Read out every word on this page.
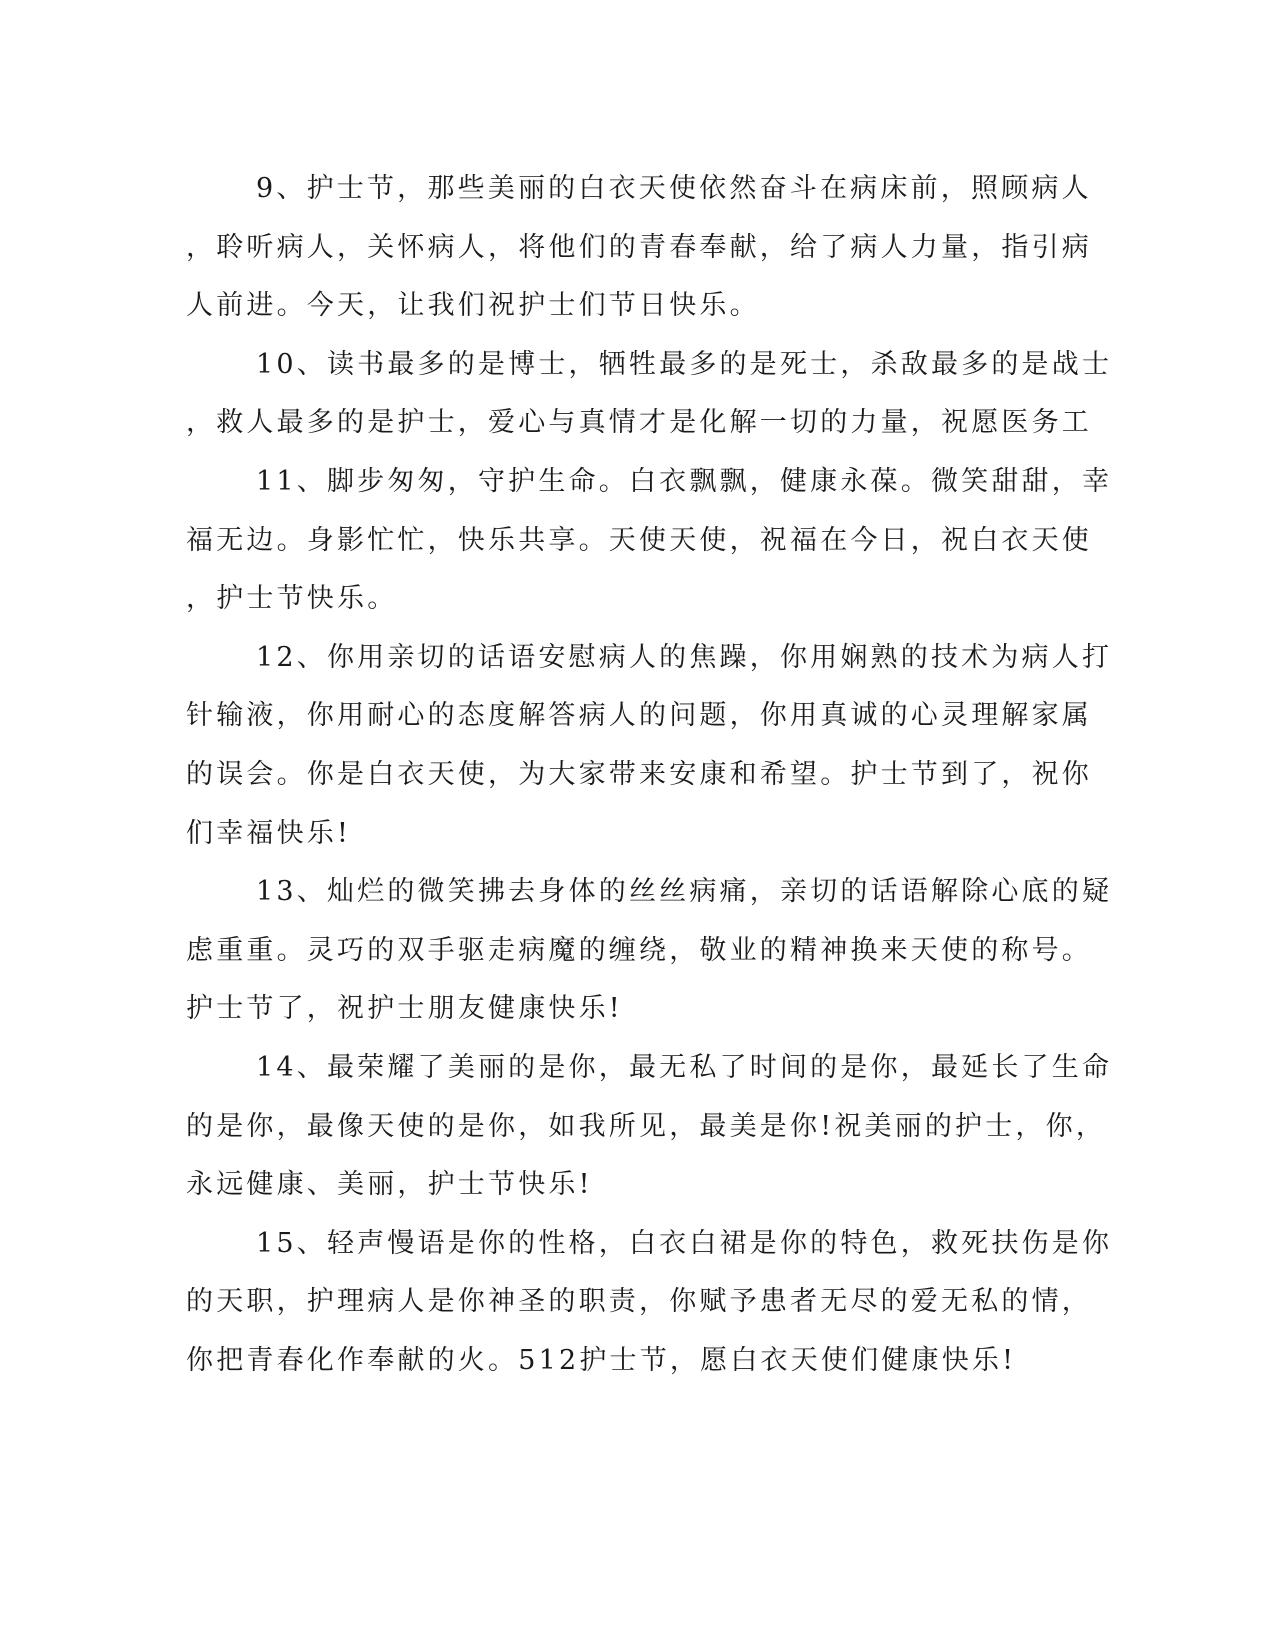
9、护士节，那些美丽的白衣天使依然奋斗在病床前，照顾病人
，聆听病人，关怀病人，将他们的青春奉献，给了病人力量，指引病
人前进。今天，让我们祝护士们节日快乐。
10、读书最多的是博士，牺牲最多的是死士，杀敌最多的是战士
，救人最多的是护士，爱心与真情才是化解一切的力量，祝愿医务工
11、脚步匆匆，守护生命。白衣飘飘，健康永葆。微笑甜甜，幸
福无边。身影忙忙，快乐共享。天使天使，祝福在今日，祝白衣天使
，护士节快乐。
12、你用亲切的话语安慰病人的焦躁，你用娴熟的技术为病人打
针输液，你用耐心的态度解答病人的问题，你用真诚的心灵理解家属
的误会。你是白衣天使，为大家带来安康和希望。护士节到了，祝你
们幸福快乐!
13、灿烂的微笑拂去身体的丝丝病痛，亲切的话语解除心底的疑
虑重重。灵巧的双手驱走病魔的缠绕，敬业的精神换来天使的称号。
护士节了，祝护士朋友健康快乐!
14、最荣耀了美丽的是你，最无私了时间的是你，最延长了生命
的是你，最像天使的是你，如我所见，最美是你!祝美丽的护士，你，
永远健康、美丽，护士节快乐!
15、轻声慢语是你的性格，白衣白裙是你的特色，救死扶伤是你
的天职，护理病人是你神圣的职责，你赋予患者无尽的爱无私的情，
你把青春化作奉献的火。512护士节，愿白衣天使们健康快乐!
